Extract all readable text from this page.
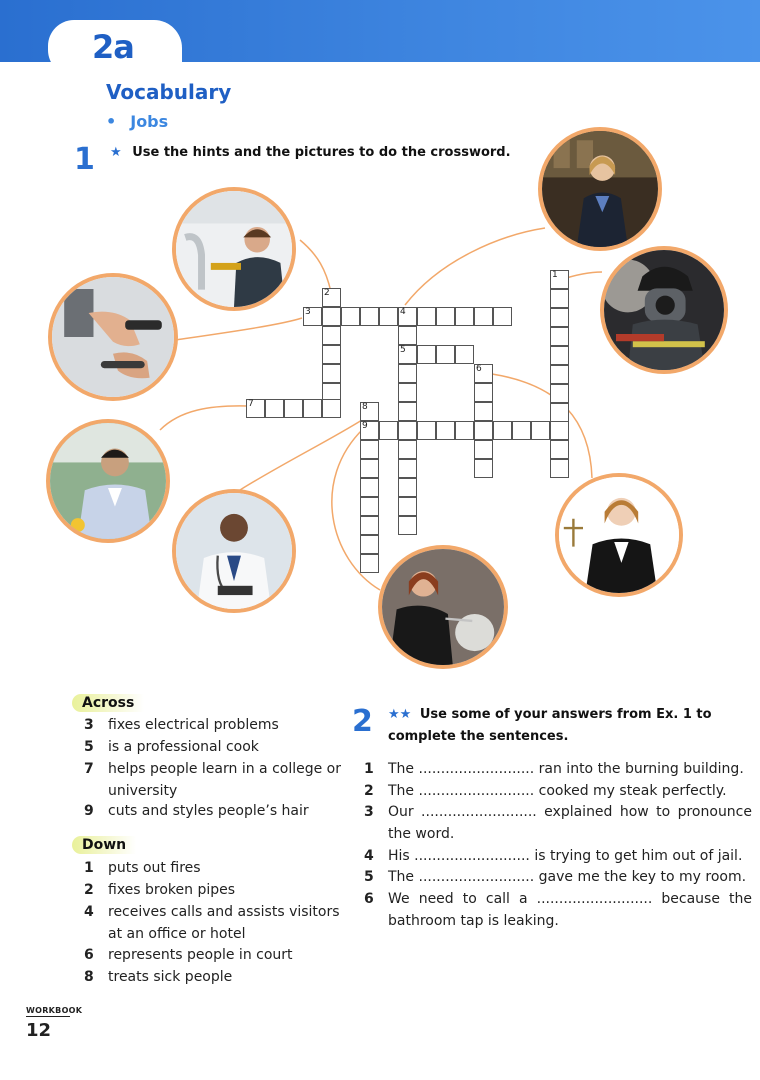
2a
Vocabulary
• Jobs
1 ★ Use the hints and the pictures to do the crossword.
3	4
2
7
5
6
9
8
1
Across
3 fixes electrical problems
5 is a professional cook
7 helps people learn in a college or university
9 cuts and styles people’s hair
Down
1 puts out fires
2 fixes broken pipes
4 receives calls and assists visitors at an office or hotel
6 represents people in court
8 treats sick people
2 ★★ Use some of your answers from Ex. 1 to complete the sentences.
1 The .......................... ran into the burning building.
2 The .......................... cooked my steak perfectly.
3 Our .......................... explained how to pronounce the word.
4 His .......................... is trying to get him out of jail.
5 The .......................... gave me the key to my room.
6 We need to call a .......................... because the bathroom tap is leaking.
WORKBOOK
12
